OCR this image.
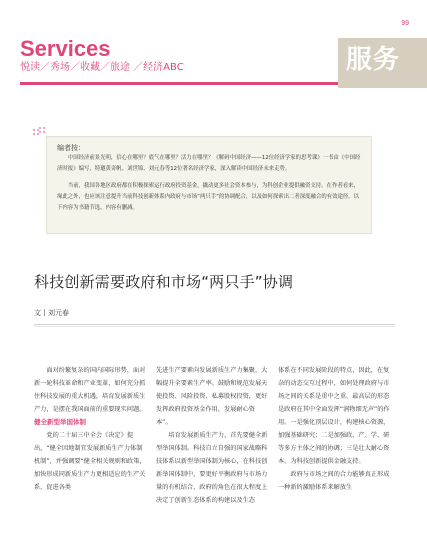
99
Services
悦读／秀场／收藏／旅途 ／经济ABC	服务
编者按：

中国经济前景光明，信心在哪里？底气在哪里？活力在哪里？《解码中国经济——12位经济学家的思考课》一书由《中国经济时报》编写，特邀黄奇帆、刘世锦、刘元春等12位著名经济学家，深入解读中国经济未来走势。

当前，我国各地区政府都在积极探索运行政府投资基金，撬动更多社会资本参与，为科创企业提供融资支持。在作者看来，缘此之外，也应该注意提升当前科技创新体系内政府与市场“两只手”的协调配合，以及如何探索出二者深度融合的有效途径。以下内容为书籍节选，内容有删减。

科技创新需要政府和市场“两只手”协调
文丨刘元春

面对纷繁复杂的国内国际形势，面对新一轮科技革命和产业变革，如何充分抓住科技发展的重大机遇，培育发展新质生产力，是摆在我国面前的重要现实问题。

健全新型举国体制

党的二十届三中全会《决定》提出，“健全因地制宜发展新质生产力体制机制”，并强调要“健全相关规则和政策，加快形成同新质生产力更相适应的生产关系，促进各类

先进生产要素向发展新质生产力集聚，大幅提升全要素生产率。鼓励和规范发展天使投资、风险投资、私募股权投资，更好发挥政府投资基金作用，发展耐心资本”。

培育发展新质生产力，首先要健全新型举国体制。科技自立自强的国家战略科技体系以新型举国体制为核心，在科技创新举国体制中，要更好平衡政府与市场力量的有机结合，政府的角色在很大程度上决定了创新生态体系的构建以及生态

体系在不同发展阶段的特点，因此，在复杂的动态交互过程中，如何处理政府与市场之间的关系是重中之重。最高层的形态是政府在其中全面发挥“润物细无声”的作用。一是强化顶层设计，构建核心资源，加强基础研究；二是加强政、产、学、研等多方主体之间的协调；三是壮大耐心资本。为科技创新提供金融支持。

政府与市场之间的合力能够真正形成一种新的激励体系来解放生
